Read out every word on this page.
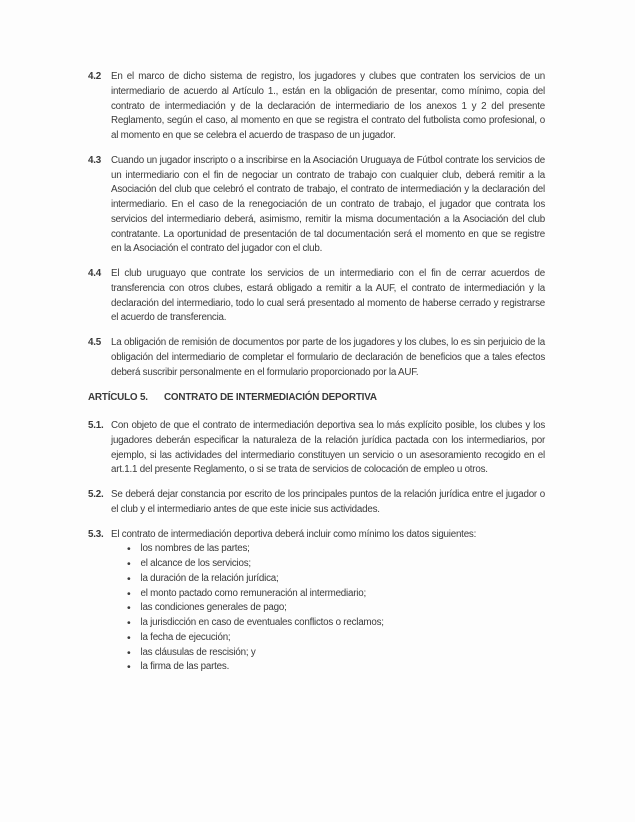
4.2	En el marco de dicho sistema de registro, los jugadores y clubes que contraten los servicios de un intermediario de acuerdo al Artículo 1., están en la obligación de presentar, como mínimo, copia del contrato de intermediación y de la declaración de intermediario de los anexos 1 y 2 del presente Reglamento, según el caso, al momento en que se registra el contrato del futbolista como profesional, o al momento en que se celebra el acuerdo de traspaso de un jugador.

4.3	Cuando un jugador inscripto o a inscribirse en la Asociación Uruguaya de Fútbol contrate los servicios de un intermediario con el fin de negociar un contrato de trabajo con cualquier club, deberá remitir a la Asociación del club que celebró el contrato de trabajo, el contrato de intermediación y la declaración del intermediario. En el caso de la renegociación de un contrato de trabajo, el jugador que contrata los servicios del intermediario deberá, asimismo, remitir la misma documentación a la Asociación del club contratante. La oportunidad de presentación de tal documentación será el momento en que se registre en la Asociación el contrato del jugador con el club.

4.4	El club uruguayo que contrate los servicios de un intermediario con el fin de cerrar acuerdos de transferencia con otros clubes, estará obligado a remitir a la AUF, el contrato de intermediación y la declaración del intermediario, todo lo cual será presentado al momento de haberse cerrado y registrarse el acuerdo de transferencia.

4.5	La obligación de remisión de documentos por parte de los jugadores y los clubes, lo es sin perjuicio de la obligación del intermediario de completar el formulario de declaración de beneficios que a tales efectos deberá suscribir personalmente en el formulario proporcionado por la AUF.

ARTÍCULO 5.	CONTRATO DE INTERMEDIACIÓN DEPORTIVA
5.1. Con objeto de que el contrato de intermediación deportiva sea lo más explícito posible, los clubes y los jugadores deberán especificar la naturaleza de la relación jurídica pactada con los intermediarios, por ejemplo, si las actividades del intermediario constituyen un servicio o un asesoramiento recogido en el art.1.1 del presente Reglamento, o si se trata de servicios de colocación de empleo u otros.

5.2. Se deberá dejar constancia por escrito de los principales puntos de la relación jurídica entre el jugador o el club y el intermediario antes de que este inicie sus actividades.

5.3. El contrato de intermediación deportiva deberá incluir como mínimo los datos siguientes:

• los nombres de las partes;
• el alcance de los servicios;
• la duración de la relación jurídica;
• el monto pactado como remuneración al intermediario;
• las condiciones generales de pago;
• la jurisdicción en caso de eventuales conflictos o reclamos;
• la fecha de ejecución;
• las cláusulas de rescisión; y
• la firma de las partes.
